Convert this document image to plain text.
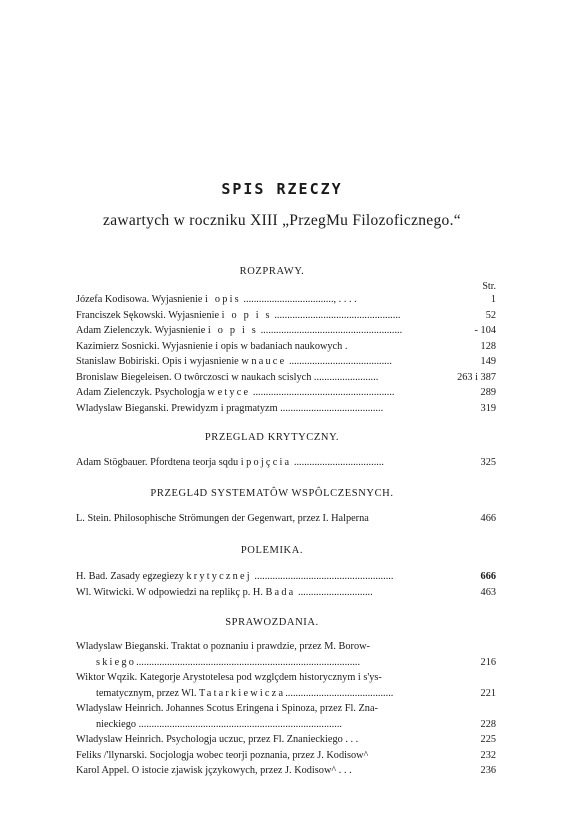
SPIS RZECZY
zawartych w roczniku XIII „PrzegMu Filozoficznego.“
Str.
ROZPRAWY.
Józefa Kodisowa. Wyjasnienie i opis ..................................., . . . .	1
Franciszek Sękowski. Wyjasnienie i o p i s .................................................	52
Adam Zielenczyk. Wyjasnienie i o p i s .......................................................	- 104
Kazimierz Sosnicki. Wyjasnienie i opis w badaniach naukowych .	128
Stanislaw Bobiriski. Opis i wyjasnienie w nauce ........................................	149
Bronislaw Biegeleisen. O twôrczosci w naukach scislych .........................	263 i 387
Adam Zielenczyk. Psychologja w etyce .......................................................	289
Wladyslaw Bieganski. Prewidyzm i pragmatyzm ........................................	319
PRZEGLAD KRYTYCZNY.
Adam Stögbauer. Pfordtena teorja sqdu i pojçcia ...................................	325
PRZEGL4D SYSTEMATÔW WSPÔLCZESNYCH.
L. Stein. Philosophische Strömungen der Gegenwart, przez I. Halperna	466
POLEMIKA.
H. Bad. Zasady egzegiezy krytycznej ......................................................	666
Wl. Witwicki. W odpowiedzi na replikç p. H. Bada .............................	463
SPRAWOZDANIA.
Wladyslaw Bieganski. Traktat o poznaniu i prawdzie, przez M. Borow-
skiego.......................................................................................	216
Wiktor Wqzik. Kategorje Arystotelesa pod wzglçdem historycznym i s'ys-
tematycznym, przez Wl. Tatarkiewicza..........................................	221
Wladyslaw Heinrich. Johannes Scotus Eringena i Spinoza, przez Fl. Zna-
nieckiego ...............................................................................	228
Wladyslaw Heinrich. Psychologja uczuc, przez Fl. Znanieckiego . . .	225
Feliks /'llynarski. Socjologja wobec teorji poznania, przez J. Kodisow^	232
Karol Appel. O istocie zjawisk jçzykowych, przez J. Kodisow^ . . .	236
